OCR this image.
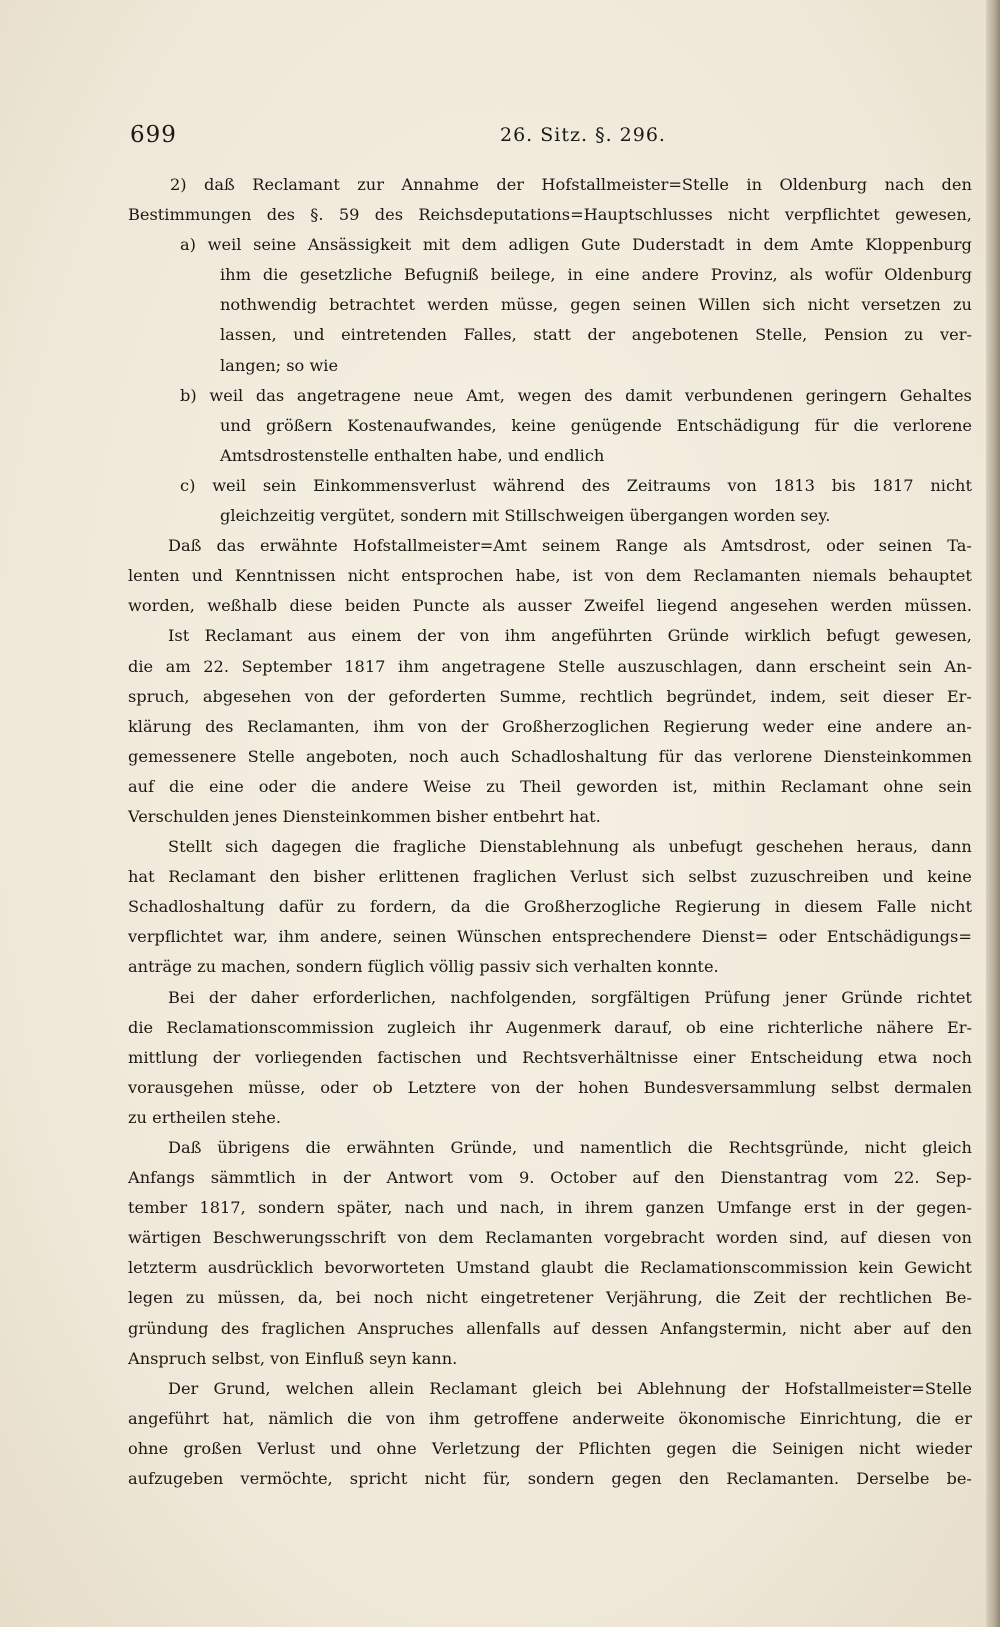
699	26. Sitz. §. 296.
2) daß Reclamant zur Annahme der Hofstallmeister=Stelle in Oldenburg nach den
Bestimmungen des §. 59 des Reichsdeputations=Hauptschlusses nicht verpflichtet gewesen,
a) weil seine Ansässigkeit mit dem adligen Gute Duderstadt in dem Amte Kloppenburg
ihm die gesetzliche Befugniß beilege, in eine andere Provinz, als wofür Oldenburg
nothwendig betrachtet werden müsse, gegen seinen Willen sich nicht versetzen zu
lassen, und eintretenden Falles, statt der angebotenen Stelle, Pension zu ver-
langen; so wie
b) weil das angetragene neue Amt, wegen des damit verbundenen geringern Gehaltes
und größern Kostenaufwandes, keine genügende Entschädigung für die verlorene
Amtsdrostenstelle enthalten habe, und endlich
c) weil sein Einkommensverlust während des Zeitraums von 1813 bis 1817 nicht
gleichzeitig vergütet, sondern mit Stillschweigen übergangen worden sey.
Daß das erwähnte Hofstallmeister=Amt seinem Range als Amtsdrost, oder seinen Ta-
lenten und Kenntnissen nicht entsprochen habe, ist von dem Reclamanten niemals behauptet
worden, weßhalb diese beiden Puncte als ausser Zweifel liegend angesehen werden müssen.
Ist Reclamant aus einem der von ihm angeführten Gründe wirklich befugt gewesen,
die am 22. September 1817 ihm angetragene Stelle auszuschlagen, dann erscheint sein An-
spruch, abgesehen von der geforderten Summe, rechtlich begründet, indem, seit dieser Er-
klärung des Reclamanten, ihm von der Großherzoglichen Regierung weder eine andere an-
gemessenere Stelle angeboten, noch auch Schadloshaltung für das verlorene Diensteinkommen
auf die eine oder die andere Weise zu Theil geworden ist, mithin Reclamant ohne sein
Verschulden jenes Diensteinkommen bisher entbehrt hat.
Stellt sich dagegen die fragliche Dienstablehnung als unbefugt geschehen heraus, dann
hat Reclamant den bisher erlittenen fraglichen Verlust sich selbst zuzuschreiben und keine
Schadloshaltung dafür zu fordern, da die Großherzogliche Regierung in diesem Falle nicht
verpflichtet war, ihm andere, seinen Wünschen entsprechendere Dienst= oder Entschädigungs=
anträge zu machen, sondern füglich völlig passiv sich verhalten konnte.
Bei der daher erforderlichen, nachfolgenden, sorgfältigen Prüfung jener Gründe richtet
die Reclamationscommission zugleich ihr Augenmerk darauf, ob eine richterliche nähere Er-
mittlung der vorliegenden factischen und Rechtsverhältnisse einer Entscheidung etwa noch
vorausgehen müsse, oder ob Letztere von der hohen Bundesversammlung selbst dermalen
zu ertheilen stehe.
Daß übrigens die erwähnten Gründe, und namentlich die Rechtsgründe, nicht gleich
Anfangs sämmtlich in der Antwort vom 9. October auf den Dienstantrag vom 22. Sep-
tember 1817, sondern später, nach und nach, in ihrem ganzen Umfange erst in der gegen-
wärtigen Beschwerungsschrift von dem Reclamanten vorgebracht worden sind, auf diesen von
letzterm ausdrücklich bevorworteten Umstand glaubt die Reclamationscommission kein Gewicht
legen zu müssen, da, bei noch nicht eingetretener Verjährung, die Zeit der rechtlichen Be-
gründung des fraglichen Anspruches allenfalls auf dessen Anfangstermin, nicht aber auf den
Anspruch selbst, von Einfluß seyn kann.
Der Grund, welchen allein Reclamant gleich bei Ablehnung der Hofstallmeister=Stelle
angeführt hat, nämlich die von ihm getroffene anderweite ökonomische Einrichtung, die er
ohne großen Verlust und ohne Verletzung der Pflichten gegen die Seinigen nicht wieder
aufzugeben vermöchte, spricht nicht für, sondern gegen den Reclamanten. Derselbe be-
